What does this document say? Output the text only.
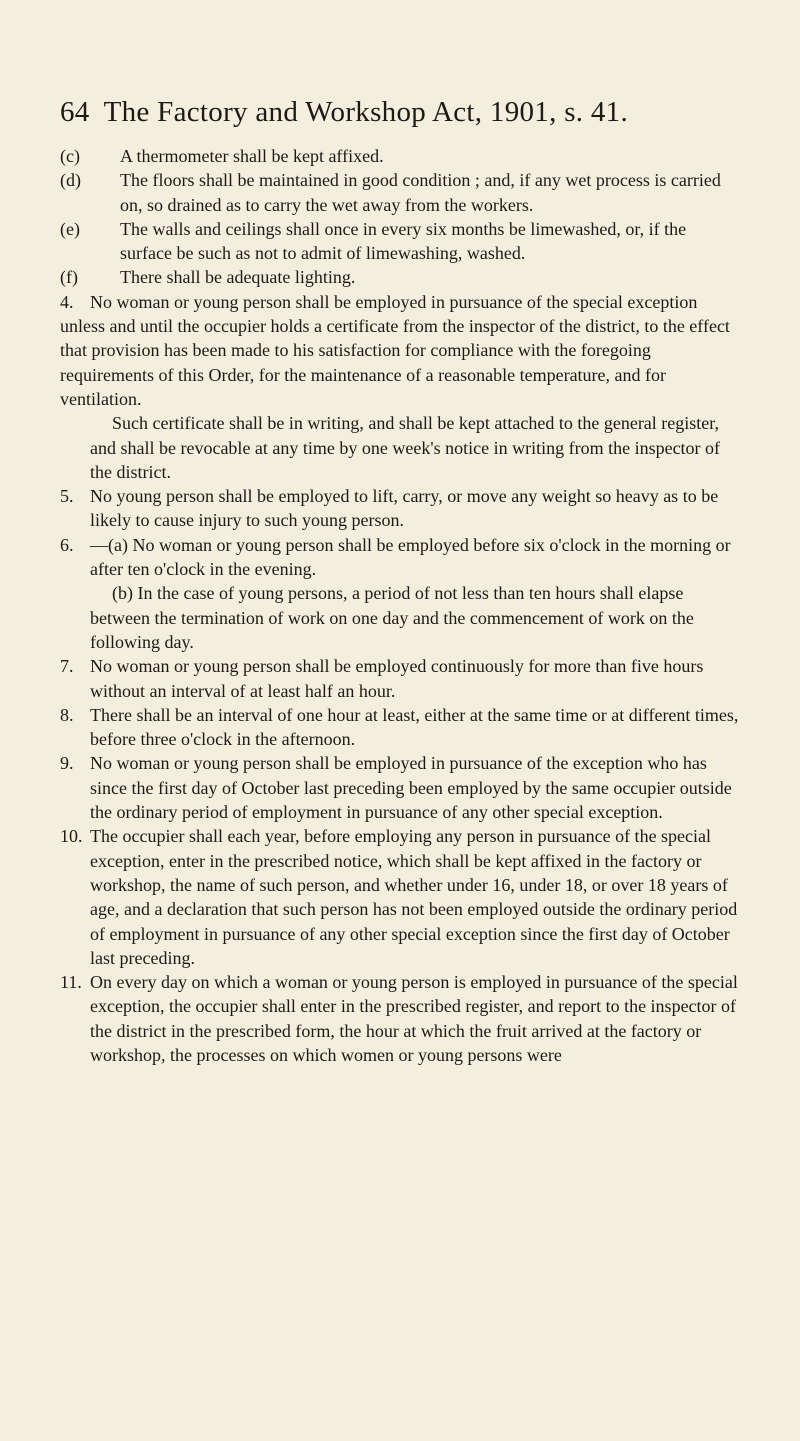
64 The Factory and Workshop Act, 1901, s. 41.
(c)	A thermometer shall be kept affixed.
(d)	The floors shall be maintained in good condition ; and, if any wet process is carried on, so drained as to carry the wet away from the workers.
(e)	The walls and ceilings shall once in every six months be limewashed, or, if the surface be such as not to admit of limewashing, washed.
(f)	There shall be adequate lighting.
4. No woman or young person shall be employed in pursuance of the special exception unless and until the occupier holds a certificate from the inspector of the district, to the effect that provision has been made to his satisfaction for compliance with the foregoing requirements of this Order, for the maintenance of a reasonable temperature, and for ventilation.
Such certificate shall be in writing, and shall be kept attached to the general register, and shall be revocable at any time by one week's notice in writing from the inspector of the district.
5. No young person shall be employed to lift, carry, or move any weight so heavy as to be likely to cause injury to such young person.
6. —(a) No woman or young person shall be employed before six o'clock in the morning or after ten o'clock in the evening.
(b) In the case of young persons, a period of not less than ten hours shall elapse between the termination of work on one day and the commencement of work on the following day.
7. No woman or young person shall be employed continuously for more than five hours without an interval of at least half an hour.
8. There shall be an interval of one hour at least, either at the same time or at different times, before three o'clock in the afternoon.
9. No woman or young person shall be employed in pursuance of the exception who has since the first day of October last preceding been employed by the same occupier outside the ordinary period of employment in pursuance of any other special exception.
10. The occupier shall each year, before employing any person in pursuance of the special exception, enter in the prescribed notice, which shall be kept affixed in the factory or workshop, the name of such person, and whether under 16, under 18, or over 18 years of age, and a declaration that such person has not been employed outside the ordinary period of employment in pursuance of any other special exception since the first day of October last preceding.
11. On every day on which a woman or young person is employed in pursuance of the special exception, the occupier shall enter in the prescribed register, and report to the inspector of the district in the prescribed form, the hour at which the fruit arrived at the factory or workshop, the processes on which women or young persons were
